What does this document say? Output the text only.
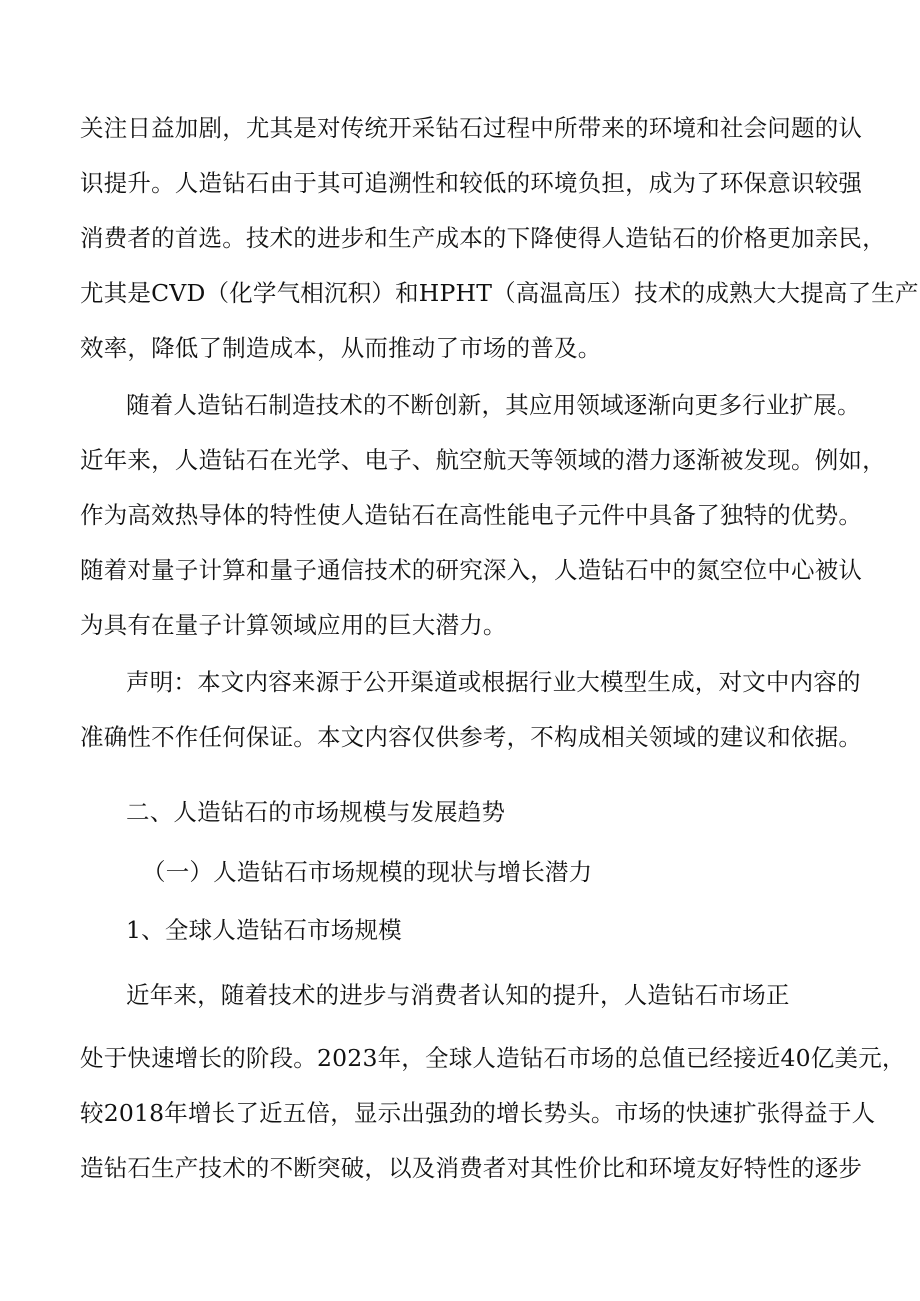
关注日益加剧，尤其是对传统开采钻石过程中所带来的环境和社会问题的认
识提升。人造钻石由于其可追溯性和较低的环境负担，成为了环保意识较强
消费者的首选。技术的进步和生产成本的下降使得人造钻石的价格更加亲民，
尤其是CVD（化学气相沉积）和HPHT（高温高压）技术的成熟大大提高了生产
效率，降低了制造成本，从而推动了市场的普及。
随着人造钻石制造技术的不断创新，其应用领域逐渐向更多行业扩展。
近年来，人造钻石在光学、电子、航空航天等领域的潜力逐渐被发现。例如，
作为高效热导体的特性使人造钻石在高性能电子元件中具备了独特的优势。
随着对量子计算和量子通信技术的研究深入，人造钻石中的氮空位中心被认
为具有在量子计算领域应用的巨大潜力。
声明：本文内容来源于公开渠道或根据行业大模型生成，对文中内容的
准确性不作任何保证。本文内容仅供参考，不构成相关领域的建议和依据。
二、人造钻石的市场规模与发展趋势
（一）人造钻石市场规模的现状与增长潜力
1、全球人造钻石市场规模
近年来，随着技术的进步与消费者认知的提升，人造钻石市场正
处于快速增长的阶段。2023年，全球人造钻石市场的总值已经接近40亿美元，
较2018年增长了近五倍，显示出强劲的增长势头。市场的快速扩张得益于人
造钻石生产技术的不断突破，以及消费者对其性价比和环境友好特性的逐步
